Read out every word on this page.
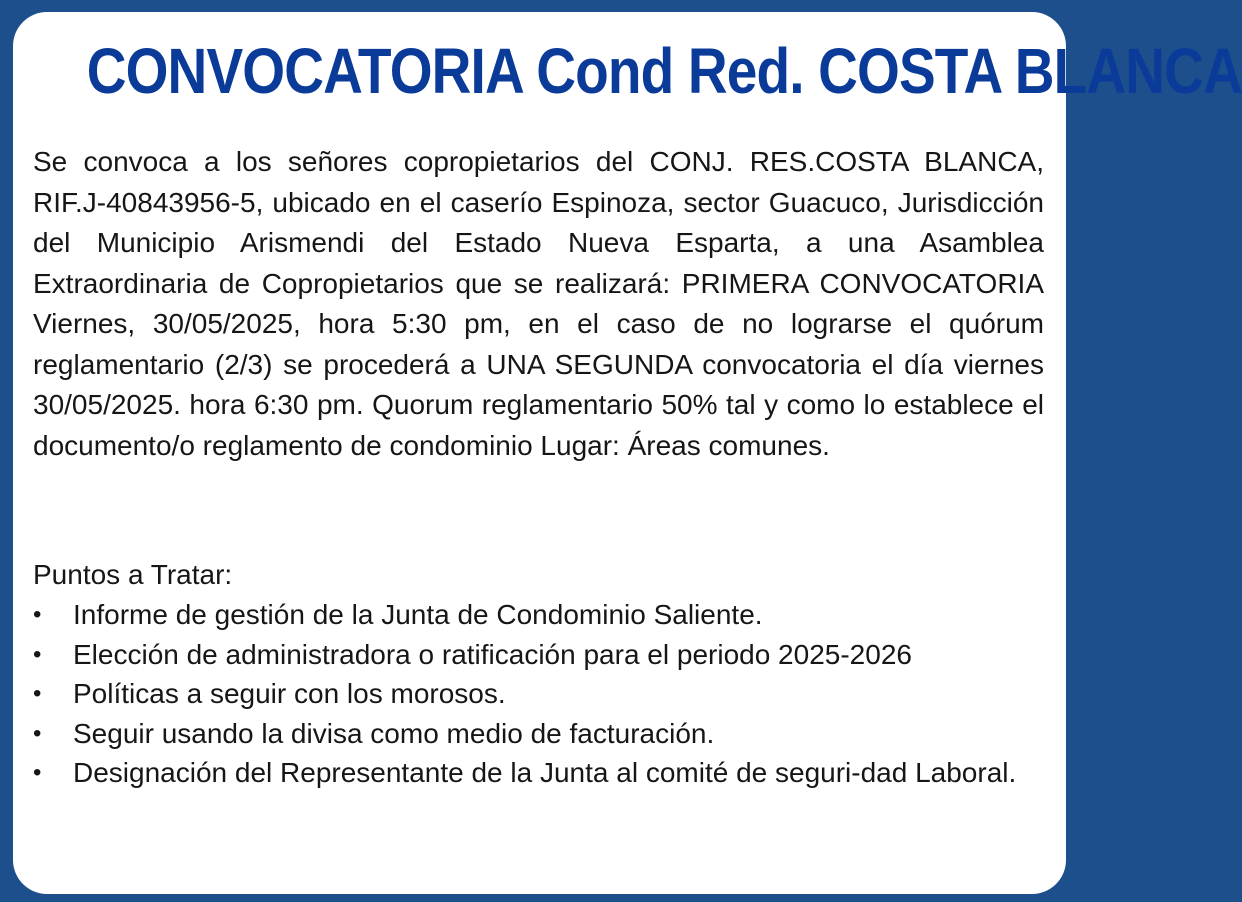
CONVOCATORIA Cond Red. COSTA BLANCA

Se convoca a los señores copropietarios del CONJ. RES.COSTA BLANCA, RIF.J-40843956-5, ubicado en el caserío Espinoza, sector Guacuco, Jurisdicción del Municipio Arismendi del Estado Nueva Esparta, a una Asamblea Extraordinaria de Copropietarios que se realizará: PRIMERA CONVOCATORIA Viernes, 30/05/2025, hora 5:30 pm, en el caso de no lograrse el quórum reglamentario (2/3) se procederá a UNA SEGUNDA convocatoria el día viernes 30/05/2025. hora 6:30 pm. Quorum reglamentario 50% tal y como lo establece el documento/o reglamento de condominio Lugar: Áreas comunes.

Puntos a Tratar:

•	Informe de gestión de la Junta de Condominio Saliente.
•	Elección de administradora o ratificación para el periodo 2025-2026
•	Políticas a seguir con los morosos.
•	Seguir usando la divisa como medio de facturación.
•	Designación del Representante de la Junta al comité de seguri-dad Laboral.
